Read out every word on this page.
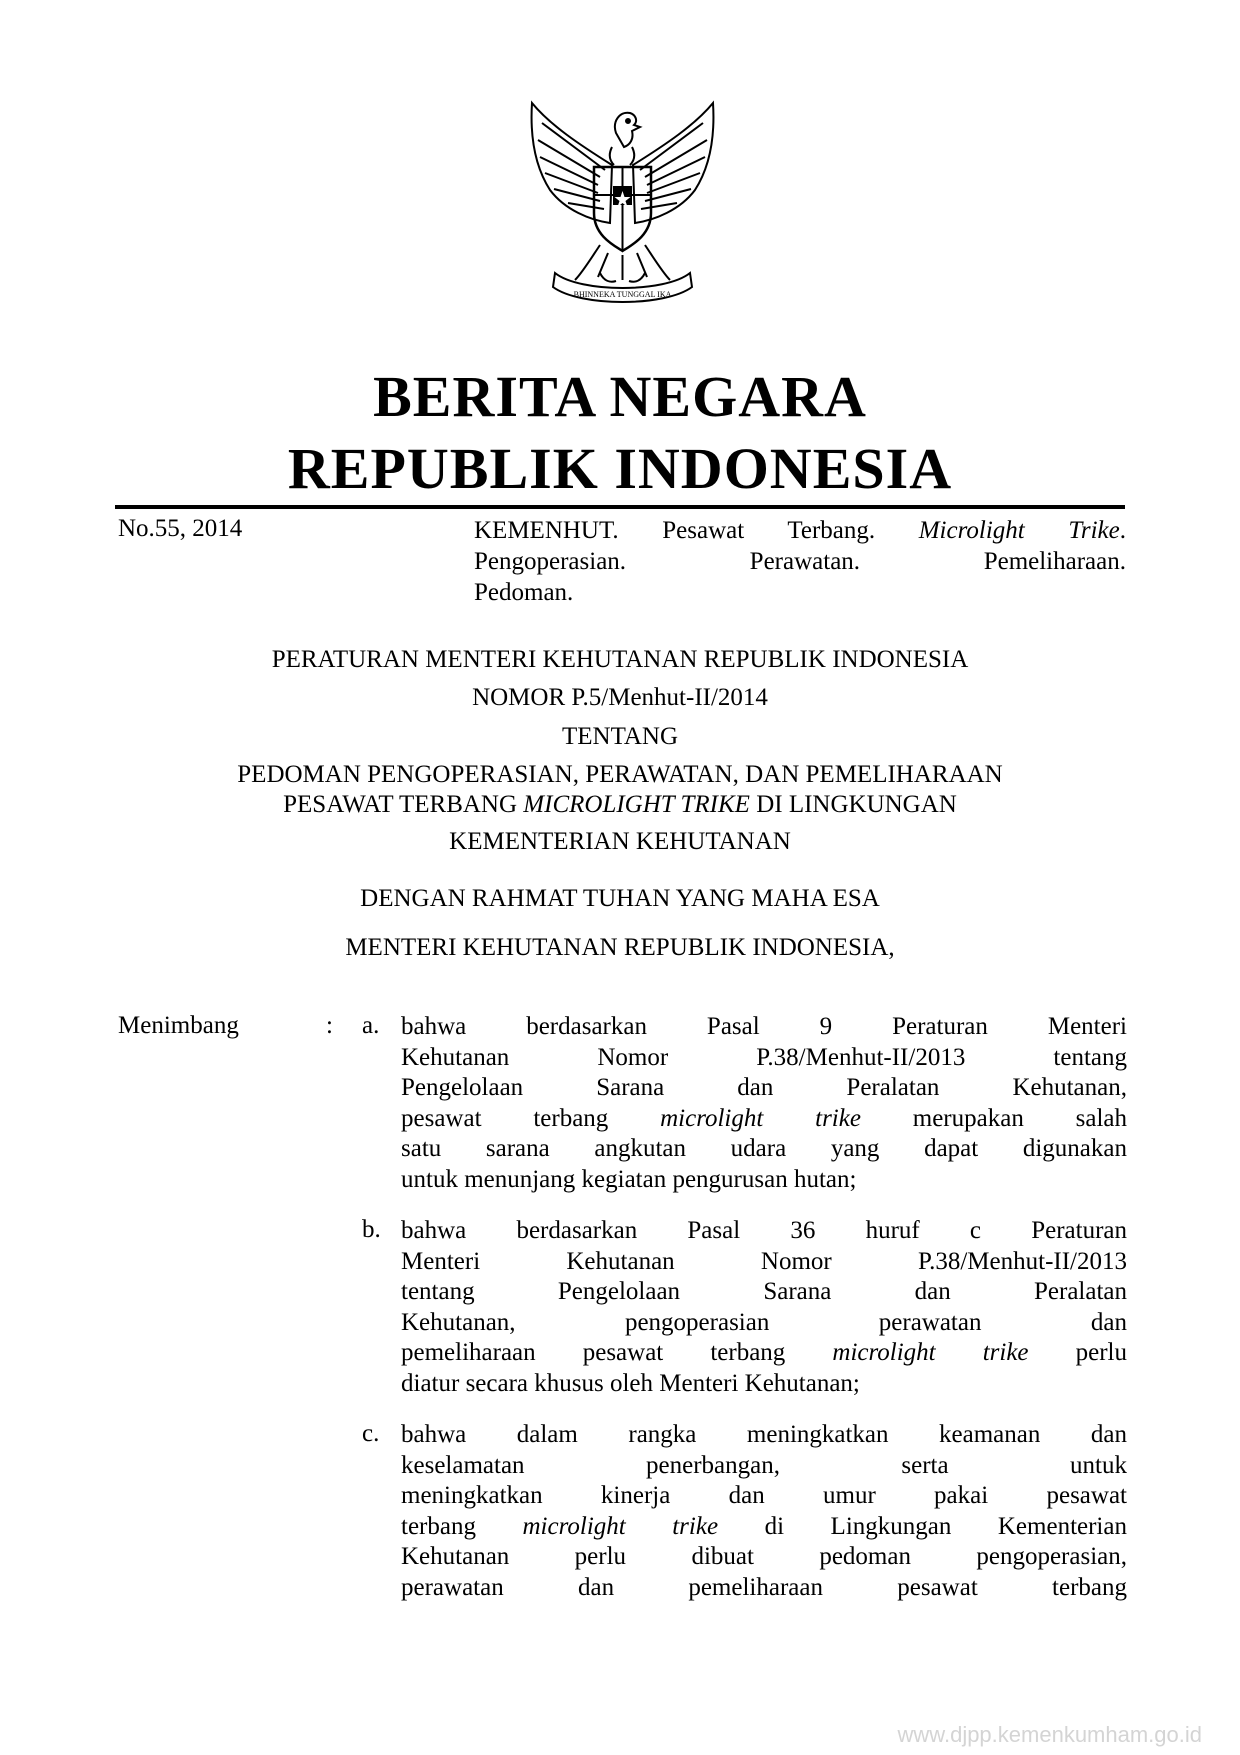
BHINNEKA TUNGGAL IKA
BERITA NEGARA
REPUBLIK INDONESIA
No.55, 2014	KEMENHUT. Pesawat Terbang. Microlight Trike.
Pengoperasian. Perawatan. Pemeliharaan.
Pedoman.
PERATURAN MENTERI KEHUTANAN REPUBLIK INDONESIA
NOMOR P.5/Menhut-II/2014
TENTANG
PEDOMAN PENGOPERASIAN, PERAWATAN, DAN PEMELIHARAAN
PESAWAT TERBANG MICROLIGHT TRIKE DI LINGKUNGAN
KEMENTERIAN KEHUTANAN
DENGAN RAHMAT TUHAN YANG MAHA ESA
MENTERI KEHUTANAN REPUBLIK INDONESIA,
Menimbang	: a. bahwa berdasarkan Pasal 9 Peraturan Menteri
Kehutanan Nomor P.38/Menhut-II/2013 tentang
Pengelolaan Sarana dan Peralatan Kehutanan,
pesawat terbang microlight trike merupakan salah
satu sarana angkutan udara yang dapat digunakan
untuk menunjang kegiatan pengurusan hutan;
b. bahwa berdasarkan Pasal 36 huruf c Peraturan
Menteri Kehutanan Nomor P.38/Menhut-II/2013
tentang Pengelolaan Sarana dan Peralatan
Kehutanan, pengoperasian perawatan dan
pemeliharaan pesawat terbang microlight trike perlu
diatur secara khusus oleh Menteri Kehutanan;
c. bahwa dalam rangka meningkatkan keamanan dan
keselamatan penerbangan, serta untuk
meningkatkan kinerja dan umur pakai pesawat
terbang microlight trike di Lingkungan Kementerian
Kehutanan perlu dibuat pedoman pengoperasian,
perawatan dan pemeliharaan pesawat terbang
www.djpp.kemenkumham.go.id
